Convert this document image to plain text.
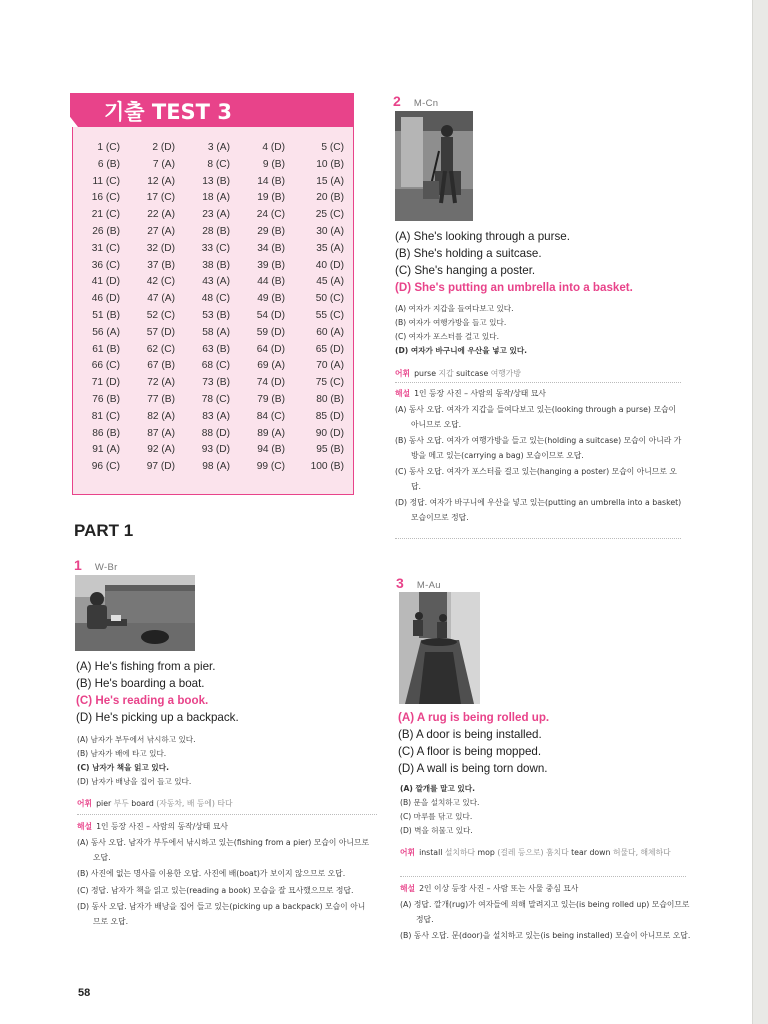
기출 TEST 3
1 (C)	2 (D)	3 (A)	4 (D)	5 (C)
6 (B)	7 (A)	8 (C)	9 (B)	10 (B)
11 (C)	12 (A)	13 (B)	14 (B)	15 (A)
16 (C)	17 (C)	18 (A)	19 (B)	20 (B)
21 (C)	22 (A)	23 (A)	24 (C)	25 (C)
26 (B)	27 (A)	28 (B)	29 (B)	30 (A)
31 (C)	32 (D)	33 (C)	34 (B)	35 (A)
36 (C)	37 (B)	38 (B)	39 (B)	40 (D)
41 (D)	42 (C)	43 (A)	44 (B)	45 (A)
46 (D)	47 (A)	48 (C)	49 (B)	50 (C)
51 (B)	52 (C)	53 (B)	54 (D)	55 (C)
56 (A)	57 (D)	58 (A)	59 (D)	60 (A)
61 (B)	62 (C)	63 (B)	64 (D)	65 (D)
66 (C)	67 (B)	68 (C)	69 (A)	70 (A)
71 (D)	72 (A)	73 (B)	74 (D)	75 (C)
76 (B)	77 (B)	78 (C)	79 (B)	80 (B)
81 (C)	82 (A)	83 (A)	84 (C)	85 (D)
86 (B)	87 (A)	88 (D)	89 (A)	90 (D)
91 (A)	92 (A)	93 (D)	94 (B)	95 (B)
96 (C)	97 (D)	98 (A)	99 (C)	100 (B)
PART 1
1 W-Br

(A) He's fishing from a pier.

(B) He's boarding a boat.

(C) He's reading a book.

(D) He's picking up a backpack.

(A) 남자가 부두에서 낚시하고 있다.

(B) 남자가 배에 타고 있다.

(C) 남자가 책을 읽고 있다.

(D) 남자가 배낭을 집어 들고 있다.

어휘 pier 부두 board (자동차, 배 등에) 타다

해설 1인 등장 사진 – 사람의 동작/상태 묘사

(A) 동사 오답. 남자가 부두에서 낚시하고 있는(fishing from a pier) 모습이 아니므로 오답.

(B) 사진에 없는 명사를 이용한 오답. 사진에 배(boat)가 보이지 않으므로 오답.

(C) 정답. 남자가 책을 읽고 있는(reading a book) 모습을 잘 묘사했으므로 정답.

(D) 동사 오답. 남자가 배낭을 집어 들고 있는(picking up a backpack) 모습이 아니므로 오답.

2 M-Cn

(A) She's looking through a purse.

(B) She's holding a suitcase.

(C) She's hanging a poster.

(D) She's putting an umbrella into a basket.

(A) 여자가 지갑을 들여다보고 있다.

(B) 여자가 여행가방을 들고 있다.

(C) 여자가 포스터를 걸고 있다.

(D) 여자가 바구니에 우산을 넣고 있다.

어휘 purse 지갑 suitcase 여행가방

해설 1인 등장 사진 – 사람의 동작/상태 묘사

(A) 동사 오답. 여자가 지갑을 들여다보고 있는(looking through a purse) 모습이 아니므로 오답.

(B) 동사 오답. 여자가 여행가방을 들고 있는(holding a suitcase) 모습이 아니라 가방을 메고 있는(carrying a bag) 모습이므로 오답.

(C) 동사 오답. 여자가 포스터를 걸고 있는(hanging a poster) 모습이 아니므로 오답.

(D) 정답. 여자가 바구니에 우산을 넣고 있는(putting an umbrella into a basket) 모습이므로 정답.

3 M-Au

(A) A rug is being rolled up.

(B) A door is being installed.

(C) A floor is being mopped.

(D) A wall is being torn down.

(A) 깔개를 말고 있다.

(B) 문을 설치하고 있다.

(C) 마루를 닦고 있다.

(D) 벽을 허물고 있다.

어휘 install 설치하다 mop (걸레 등으로) 훔치다 tear down 허물다, 해체하다

해설 2인 이상 등장 사진 – 사람 또는 사물 중심 묘사

(A) 정답. 깔개(rug)가 여자들에 의해 말려지고 있는(is being rolled up) 모습이므로 정답.

(B) 동사 오답. 문(door)을 설치하고 있는(is being installed) 모습이 아니므로 오답.

58
